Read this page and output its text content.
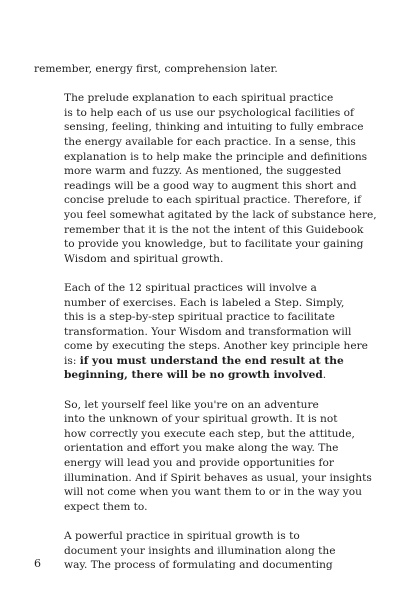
remember, energy first, comprehension later.

The prelude explanation to each spiritual practice
is to help each of us use our psychological facilities of
sensing, feeling, thinking and intuiting to fully embrace
the energy available for each practice. In a sense, this
explanation is to help make the principle and definitions
more warm and fuzzy. As mentioned, the suggested
readings will be a good way to augment this short and
concise prelude to each spiritual practice. Therefore, if
you feel somewhat agitated by the lack of substance here,
remember that it is the not the intent of this Guidebook
to provide you knowledge, but to facilitate your gaining
Wisdom and spiritual growth.

Each of the 12 spiritual practices will involve a
number of exercises. Each is labeled a Step. Simply,
this is a step-by-step spiritual practice to facilitate
transformation. Your Wisdom and transformation will
come by executing the steps. Another key principle here
is: if you must understand the end result at the
beginning, there will be no growth involved.

So, let yourself feel like you're on an adventure
into the unknown of your spiritual growth. It is not
how correctly you execute each step, but the attitude,
orientation and effort you make along the way. The
energy will lead you and provide opportunities for
illumination. And if Spirit behaves as usual, your insights
will not come when you want them to or in the way you
expect them to.

A powerful practice in spiritual growth is to
document your insights and illumination along the
way. The process of formulating and documenting

6
